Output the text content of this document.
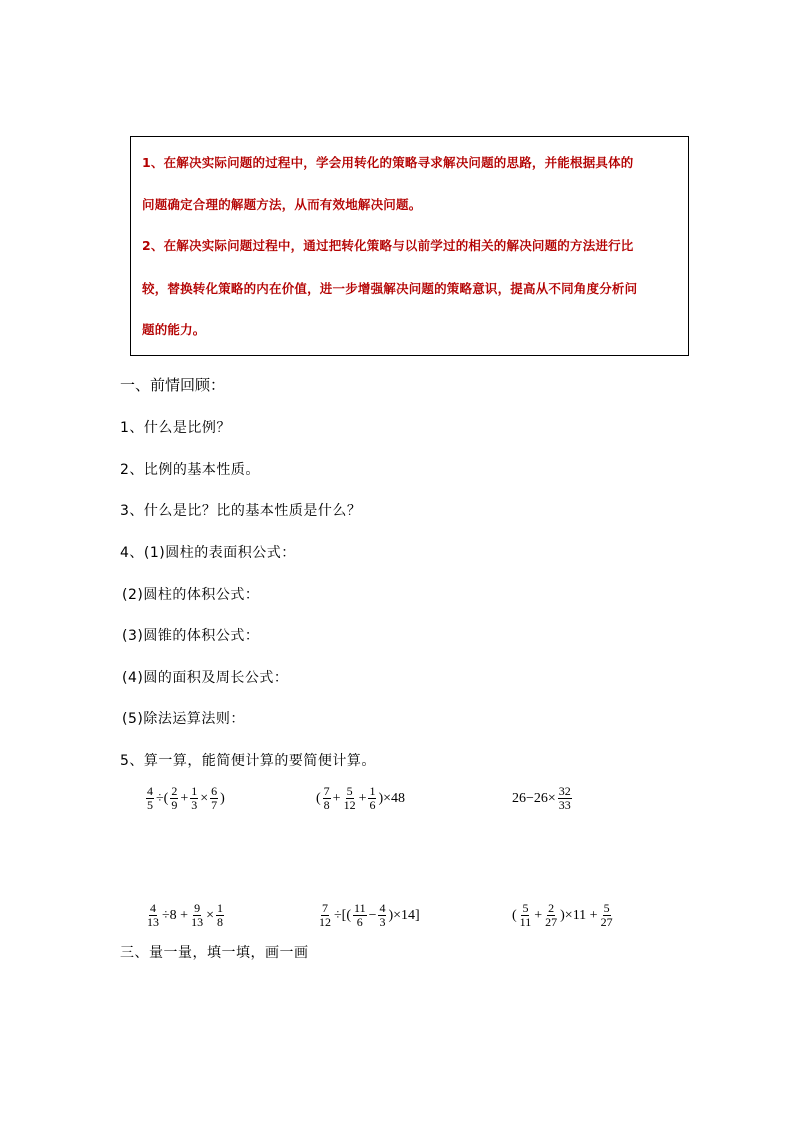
1、在解决实际问题的过程中，学会用转化的策略寻求解决问题的思路，并能根据具体的
问题确定合理的解题方法，从而有效地解决问题。
2、在解决实际问题过程中，通过把转化策略与以前学过的相关的解决问题的方法进行比
较，替换转化策略的内在价值，进一步增强解决问题的策略意识，提高从不同角度分析问
题的能力。
一、前情回顾：
1、什么是比例？
2、比例的基本性质。
3、什么是比？比的基本性质是什么？
4、(1)圆柱的表面积公式：
(2)圆柱的体积公式：
(3)圆锥的体积公式：
(4)圆的面积及周长公式：
(5)除法运算法则：
5、算一算，能简便计算的要简便计算。
$\frac{4}{5}$ ÷( $\frac{2}{9} + \frac{1}{3} \times \frac{6}{7}$ )	( $\frac{7}{8} + \frac{5}{12} + \frac{1}{6} )\times 48$	$26-26\times \frac{32}{33}$
$\frac{4}{13} \div 8 + \frac{9}{13} \times \frac{1}{8}$	$\frac{7}{12}$ ÷[( $\frac{11}{6} - \frac{4}{3} )\times 14$]	( $\frac{5}{11} + \frac{2}{27} )\times 11 + \frac{5}{27}$
三、量一量，填一填，画一画
